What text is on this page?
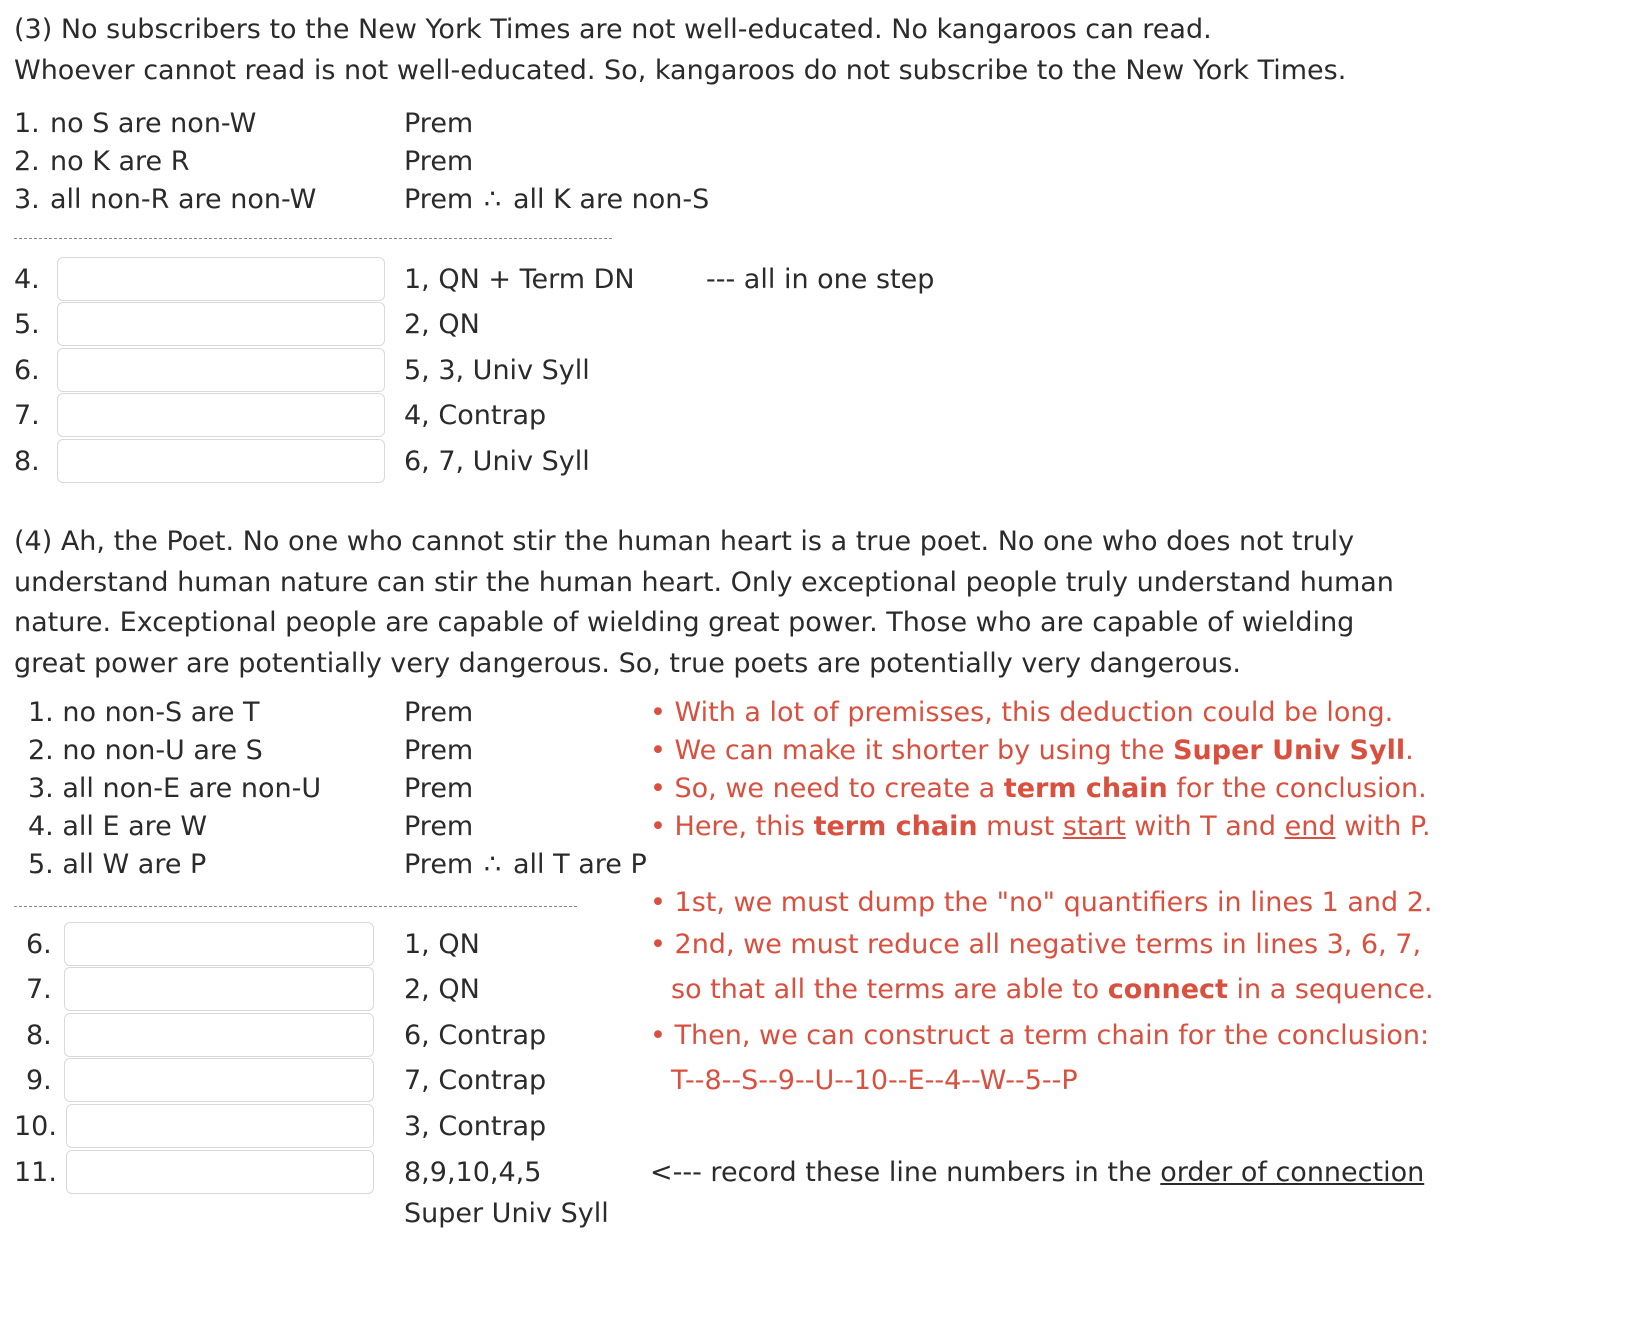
(3) No subscribers to the New York Times are not well-educated. No kangaroos can read.
Whoever cannot read is not well-educated. So, kangaroos do not subscribe to the New York Times.
1. no S are non-W	Prem
2. no K are R	Prem
3. all non-R are non-W	Prem ∴ all K are non-S
4.	1, QN + Term DN	--- all in one step
5.	2, QN
6.	5, 3, Univ Syll
7.	4, Contrap
8.	6, 7, Univ Syll
(4) Ah, the Poet. No one who cannot stir the human heart is a true poet. No one who does not truly
understand human nature can stir the human heart. Only exceptional people truly understand human
nature. Exceptional people are capable of wielding great power. Those who are capable of wielding
great power are potentially very dangerous. So, true poets are potentially very dangerous.
1. no non-S are T	Prem
2. no non-U are S	Prem
3. all non-E are non-U	Prem
4. all E are W	Prem
5. all W are P	Prem ∴ all T are P
6.	1, QN
7.	2, QN
8.	6, Contrap
9.	7, Contrap
10.	3, Contrap
11.	8,9,10,4,5
Super Univ Syll
• With a lot of premisses, this deduction could be long.
• We can make it shorter by using the Super Univ Syll.
• So, we need to create a term chain for the conclusion.
• Here, this term chain must start with T and end with P.
• 1st, we must dump the "no" quantifiers in lines 1 and 2.
• 2nd, we must reduce all negative terms in lines 3, 6, 7,
so that all the terms are able to connect in a sequence.
• Then, we can construct a term chain for the conclusion:
T--8--S--9--U--10--E--4--W--5--P
<--- record these line numbers in the order of connection
